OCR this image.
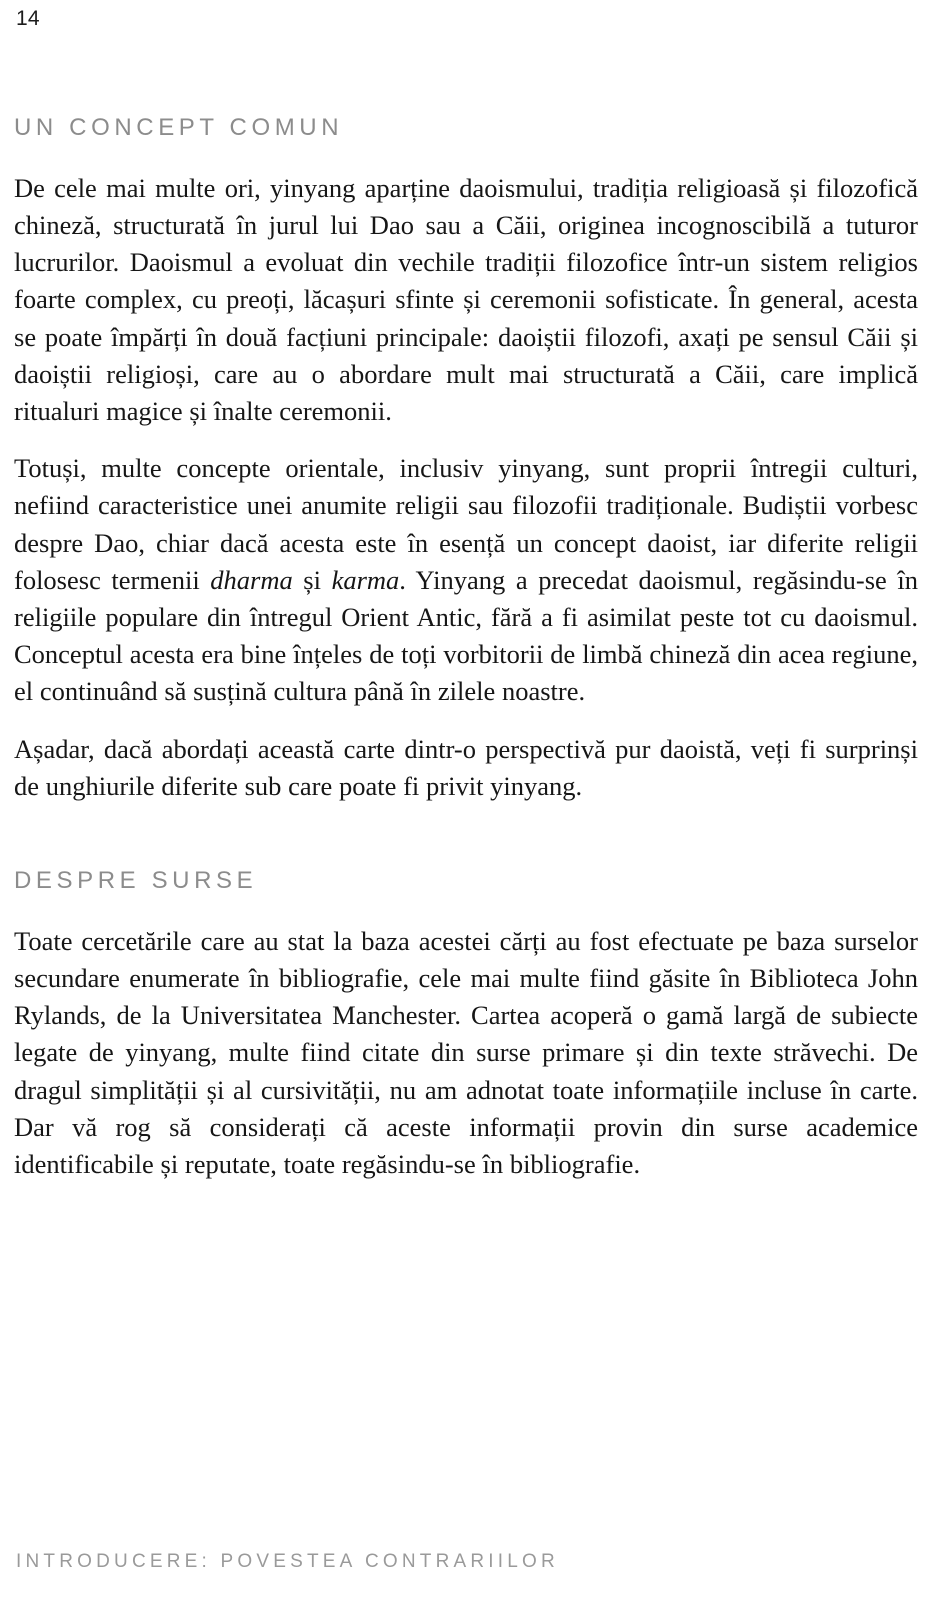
14
UN CONCEPT COMUN

De cele mai multe ori, yinyang aparține daoismului, tradiția religioasă și filozofică chineză, structurată în jurul lui Dao sau a Căii, originea incognoscibilă a tuturor lucrurilor. Daoismul a evoluat din vechile tradiții filozofice într-un sistem religios foarte complex, cu preoți, lăcașuri sfinte și ceremonii sofisticate. În general, acesta se poate împărți în două facțiuni principale: daoiștii filozofi, axați pe sensul Căii și daoiștii religioși, care au o abordare mult mai structurată a Căii, care implică ritualuri magice și înalte ceremonii.

Totuși, multe concepte orientale, inclusiv yinyang, sunt proprii întregii culturi, nefiind caracteristice unei anumite religii sau filozofii tradiționale. Budiștii vorbesc despre Dao, chiar dacă acesta este în esență un concept daoist, iar diferite religii folosesc termenii dharma și karma. Yinyang a precedat daoismul, regăsindu-se în religiile populare din întregul Orient Antic, fără a fi asimilat peste tot cu daoismul. Conceptul acesta era bine înțeles de toți vorbitorii de limbă chineză din acea regiune, el continuând să susțină cultura până în zilele noastre.

Așadar, dacă abordați această carte dintr-o perspectivă pur daoistă, veți fi surprinși de unghiurile diferite sub care poate fi privit yinyang.

DESPRE SURSE

Toate cercetările care au stat la baza acestei cărți au fost efectuate pe baza surselor secundare enumerate în bibliografie, cele mai multe fiind găsite în Biblioteca John Rylands, de la Universitatea Manchester. Cartea acoperă o gamă largă de subiecte legate de yinyang, multe fiind citate din surse primare și din texte străvechi. De dragul simplității și al cursivității, nu am adnotat toate informațiile incluse în carte. Dar vă rog să considerați că aceste informații provin din surse academice identificabile și reputate, toate regăsindu-se în bibliografie.

INTRODUCERE: POVESTEA CONTRARIILOR
